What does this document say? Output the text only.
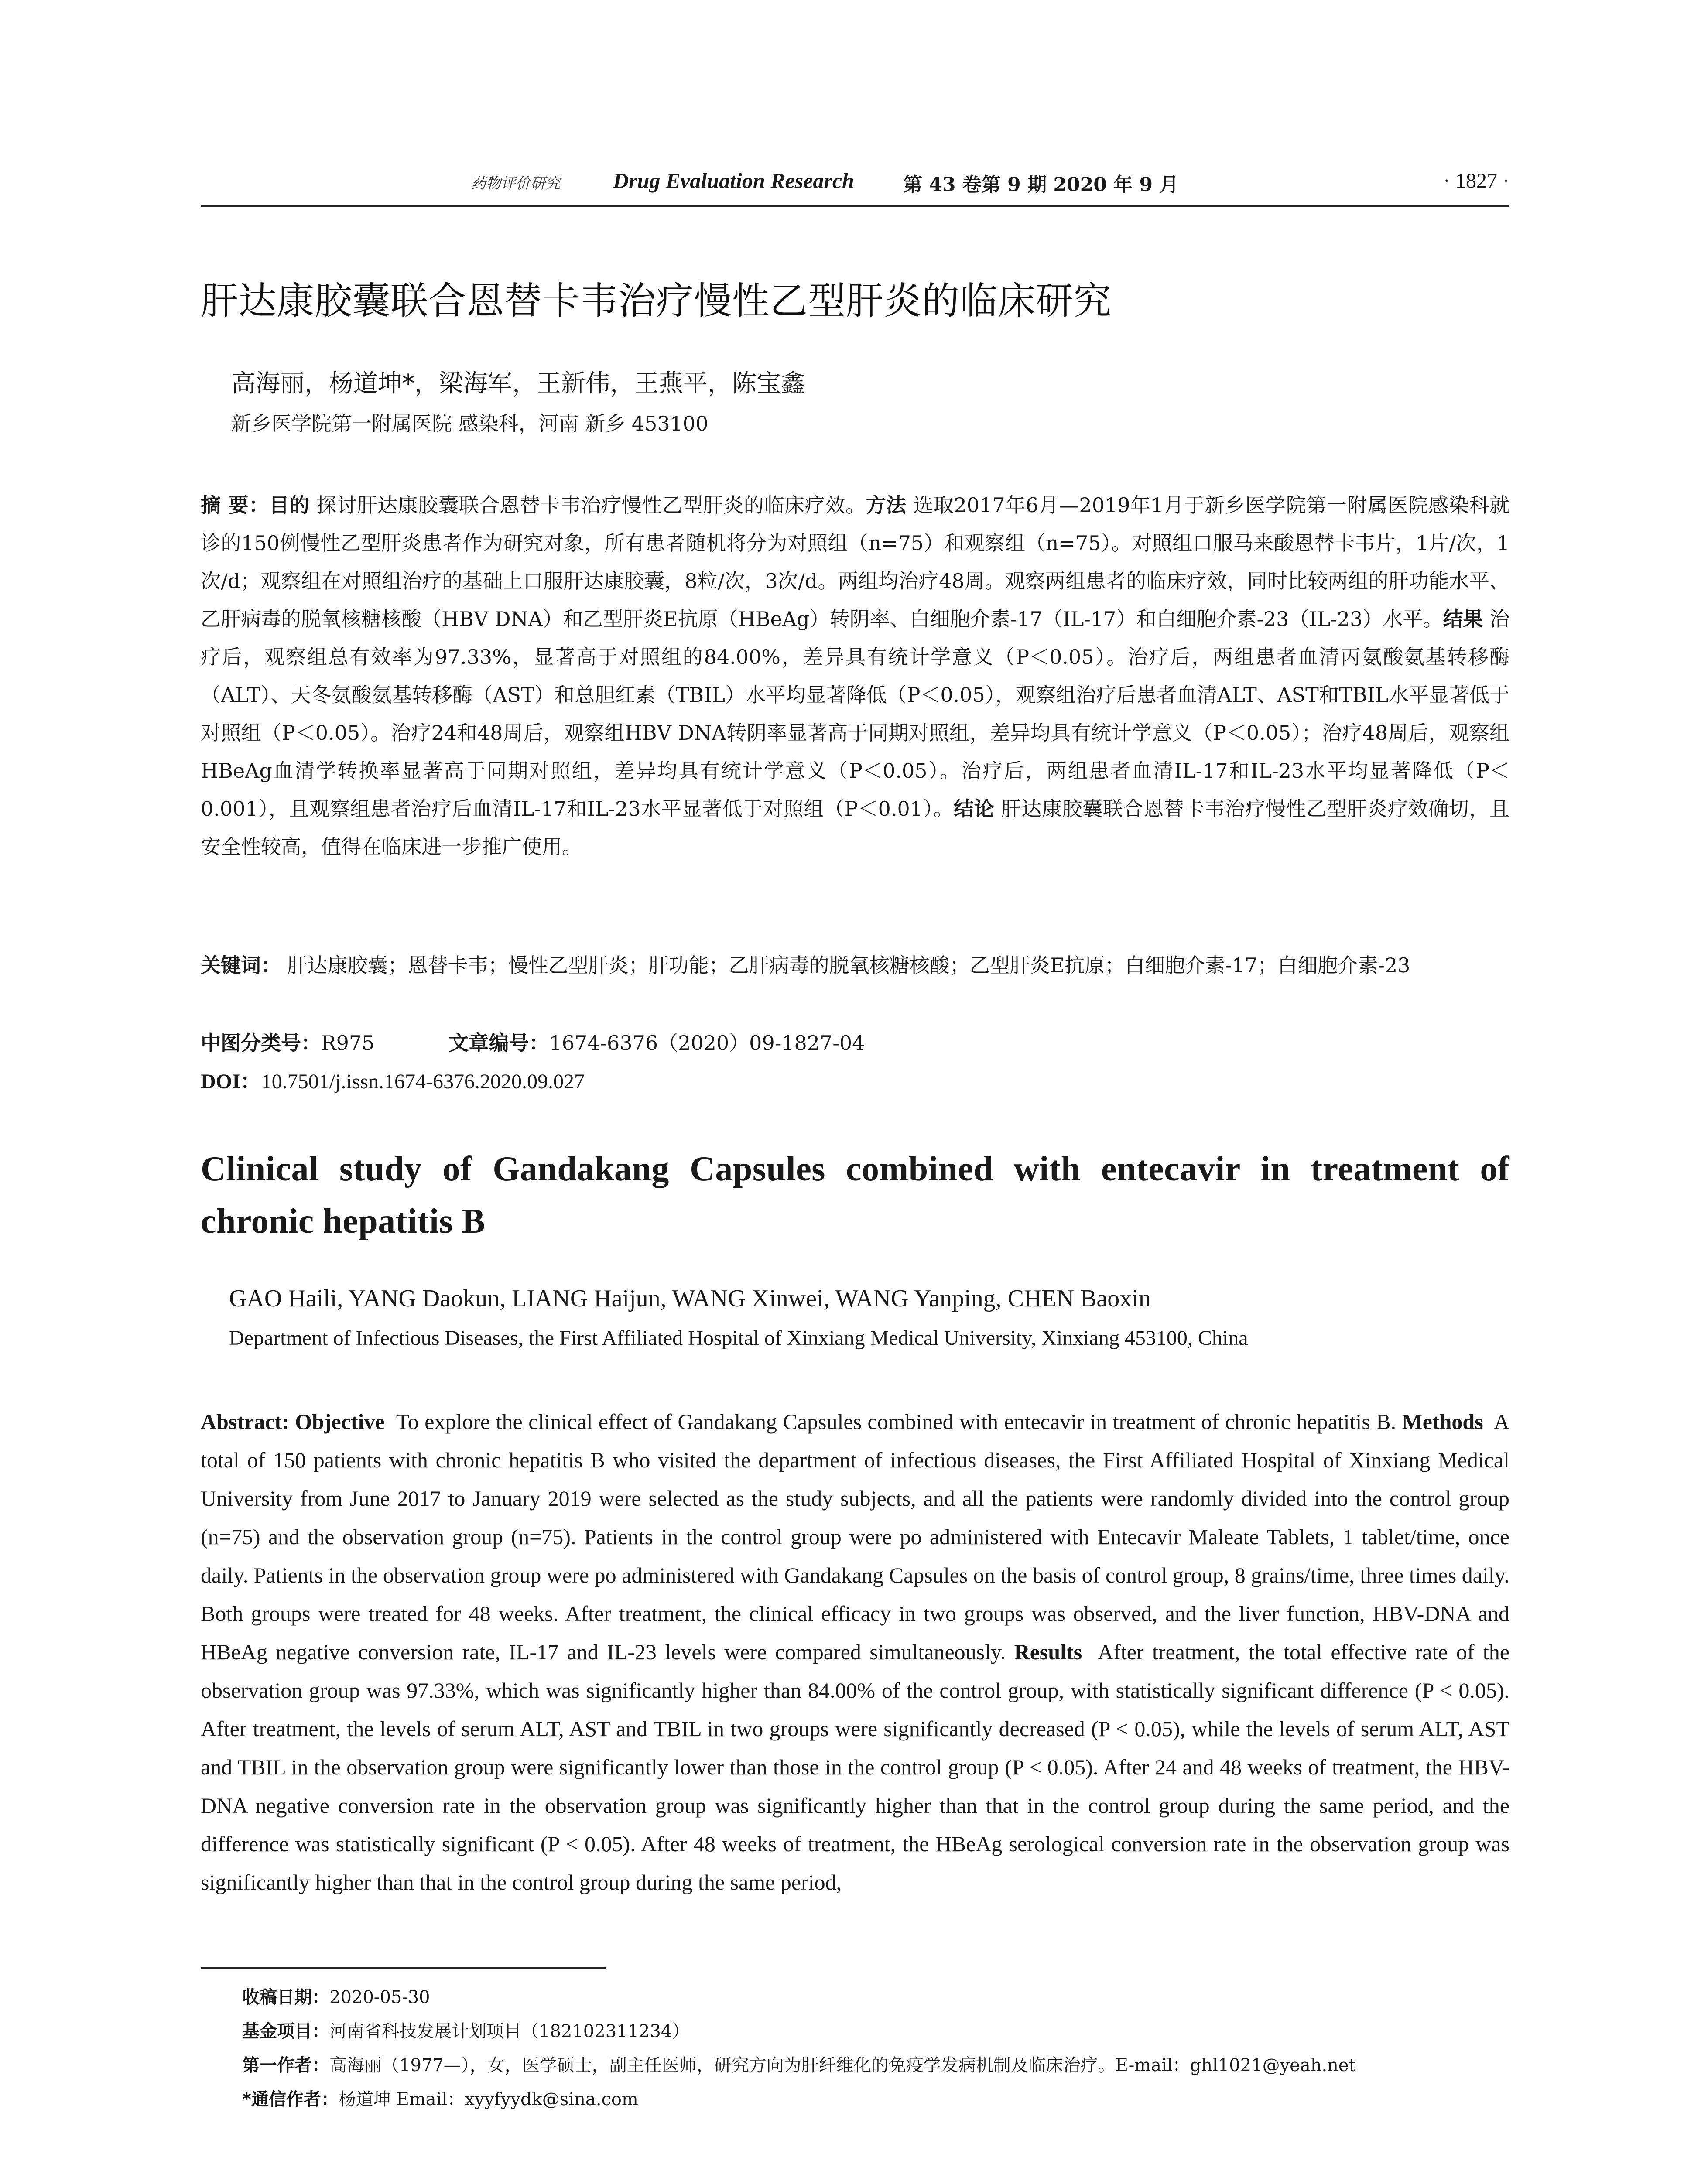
药物评价研究 Drug Evaluation Research	第 43 卷第 9 期 2020 年 9 月	· 1827 ·
肝达康胶囊联合恩替卡韦治疗慢性乙型肝炎的临床研究
高海丽，杨道坤*，梁海军，王新伟，王燕平，陈宝鑫
新乡医学院第一附属医院 感染科，河南 新乡 453100
摘 要：目的 探讨肝达康胶囊联合恩替卡韦治疗慢性乙型肝炎的临床疗效。方法 选取2017年6月—2019年1月于新乡医学院第一附属医院感染科就诊的150例慢性乙型肝炎患者作为研究对象，所有患者随机将分为对照组（n=75）和观察组（n=75）。对照组口服马来酸恩替卡韦片，1片/次，1次/d；观察组在对照组治疗的基础上口服肝达康胶囊，8粒/次，3次/d。两组均治疗48周。观察两组患者的临床疗效，同时比较两组的肝功能水平、乙肝病毒的脱氧核糖核酸（HBV DNA）和乙型肝炎E抗原（HBeAg）转阴率、白细胞介素-17（IL-17）和白细胞介素-23（IL-23）水平。结果 治疗后，观察组总有效率为97.33%，显著高于对照组的84.00%，差异具有统计学意义（P＜0.05）。治疗后，两组患者血清丙氨酸氨基转移酶（ALT）、天冬氨酸氨基转移酶（AST）和总胆红素（TBIL）水平均显著降低（P＜0.05），观察组治疗后患者血清ALT、AST和TBIL水平显著低于对照组（P＜0.05）。治疗24和48周后，观察组HBV DNA转阴率显著高于同期对照组，差异均具有统计学意义（P＜0.05）；治疗48周后，观察组HBeAg血清学转换率显著高于同期对照组，差异均具有统计学意义（P＜0.05）。治疗后，两组患者血清IL-17和IL-23水平均显著降低（P＜0.001），且观察组患者治疗后血清IL-17和IL-23水平显著低于对照组（P＜0.01）。结论 肝达康胶囊联合恩替卡韦治疗慢性乙型肝炎疗效确切，且安全性较高，值得在临床进一步推广使用。
关键词： 肝达康胶囊；恩替卡韦；慢性乙型肝炎；肝功能；乙肝病毒的脱氧核糖核酸；乙型肝炎E抗原；白细胞介素-17；白细胞介素-23
中图分类号：R975	文章编号：1674-6376（2020）09-1827-04
DOI：10.7501/j.issn.1674-6376.2020.09.027
Clinical study of Gandakang Capsules combined with entecavir in treatment of chronic hepatitis B
GAO Haili, YANG Daokun, LIANG Haijun, WANG Xinwei, WANG Yanping, CHEN Baoxin
Department of Infectious Diseases, the First Affiliated Hospital of Xinxiang Medical University, Xinxiang 453100, China
Abstract: Objective To explore the clinical effect of Gandakang Capsules combined with entecavir in treatment of chronic hepatitis B. Methods A total of 150 patients with chronic hepatitis B who visited the department of infectious diseases, the First Affiliated Hospital of Xinxiang Medical University from June 2017 to January 2019 were selected as the study subjects, and all the patients were randomly divided into the control group (n=75) and the observation group (n=75). Patients in the control group were po administered with Entecavir Maleate Tablets, 1 tablet/time, once daily. Patients in the observation group were po administered with Gandakang Capsules on the basis of control group, 8 grains/time, three times daily. Both groups were treated for 48 weeks. After treatment, the clinical efficacy in two groups was observed, and the liver function, HBV-DNA and HBeAg negative conversion rate, IL-17 and IL-23 levels were compared simultaneously. Results After treatment, the total effective rate of the observation group was 97.33%, which was significantly higher than 84.00% of the control group, with statistically significant difference (P < 0.05). After treatment, the levels of serum ALT, AST and TBIL in two groups were significantly decreased (P < 0.05), while the levels of serum ALT, AST and TBIL in the observation group were significantly lower than those in the control group (P < 0.05). After 24 and 48 weeks of treatment, the HBV-DNA negative conversion rate in the observation group was significantly higher than that in the control group during the same period, and the difference was statistically significant (P < 0.05). After 48 weeks of treatment, the HBeAg serological conversion rate in the observation group was significantly higher than that in the control group during the same period,
收稿日期：2020-05-30
基金项目：河南省科技发展计划项目（182102311234）
第一作者：高海丽（1977—），女，医学硕士，副主任医师，研究方向为肝纤维化的免疫学发病机制及临床治疗。E-mail：ghl1021@yeah.net
*通信作者：杨道坤 Email：xyyfyydk@sina.com
